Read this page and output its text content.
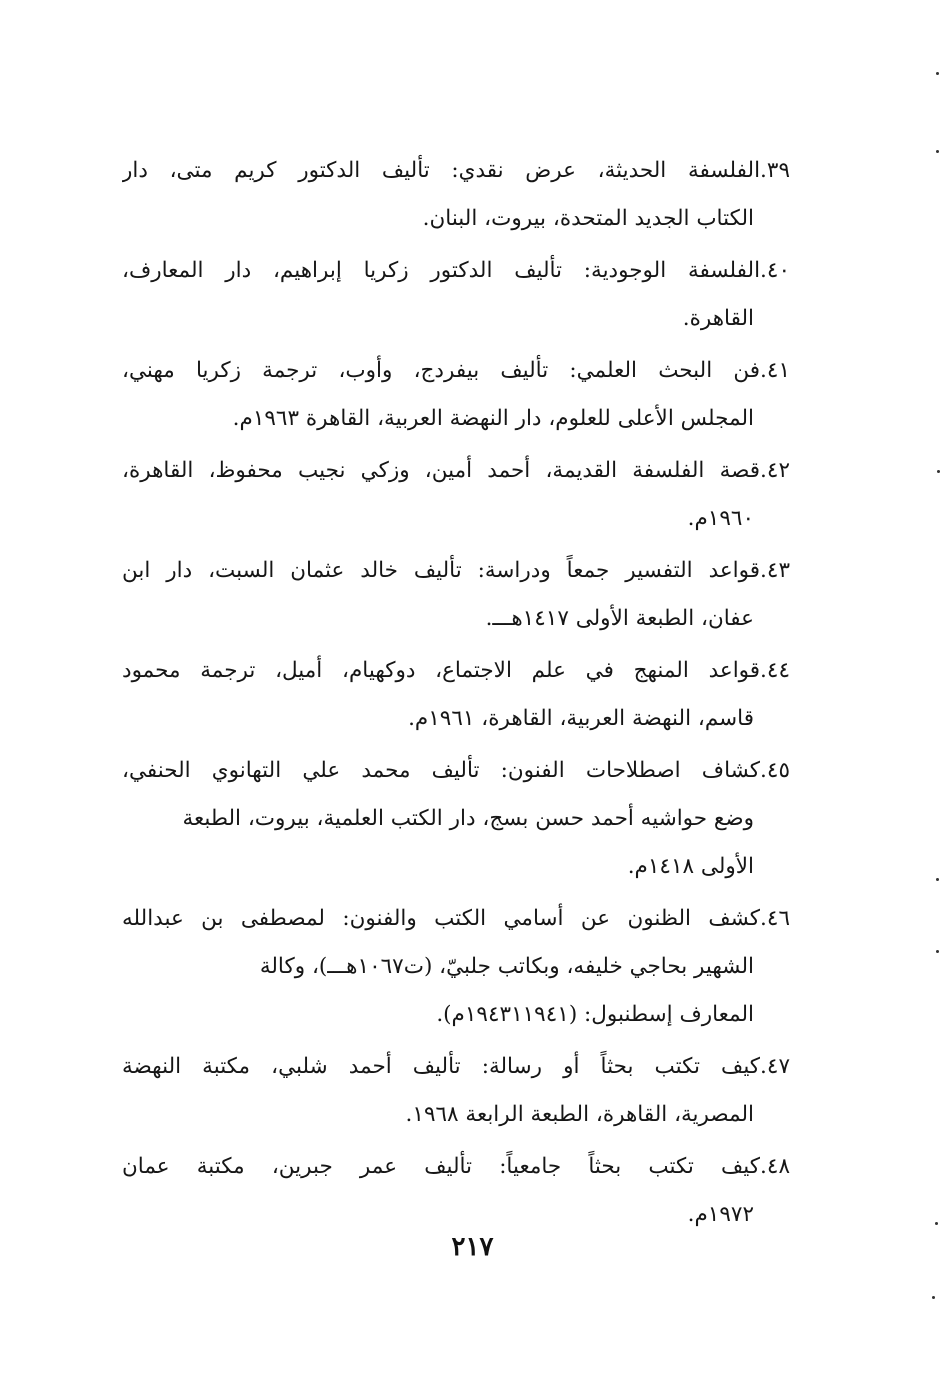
٣٩.الفلسفة الحديثة، عرض نقدي: تأليف الدكتور كريم متى، دار
الكتاب الجديد المتحدة، بيروت، البنان.
٤٠.الفلسفة الوجودية: تأليف الدكتور زكريا إبراهيم، دار المعارف،
القاهرة.
٤١.فن البحث العلمي: تأليف بيفردج، وأوب، ترجمة زكريا مهني،
المجلس الأعلى للعلوم، دار النهضة العربية، القاهرة ١٩٦٣م.
٤٢.قصة الفلسفة القديمة، أحمد أمين، وزكي نجيب محفوظ، القاهرة،
١٩٦٠م.
٤٣.قواعد التفسير جمعاً ودراسة: تأليف خالد عثمان السبت، دار ابن
عفان، الطبعة الأولى ١٤١٧هـــ.
٤٤.قواعد المنهج في علم الاجتماع، دوكهيام، أميل، ترجمة محمود
قاسم، النهضة العربية، القاهرة، ١٩٦١م.
٤٥.كشاف اصطلاحات الفنون: تأليف محمد علي التهانوي الحنفي،
وضع حواشيه أحمد حسن بسج، دار الكتب العلمية، بيروت، الطبعة
الأولى ١٤١٨م.
٤٦.كشف الظنون عن أسامي الكتب والفنون: لمصطفى بن عبدالله
الشهير بحاجي خليفه، وبكاتب جلبيّ، (ت١٠٦٧هـــ)، وكالة
المعارف إسطنبول: (١٩٤٣١١٩٤١م).
٤٧.كيف تكتب بحثاً أو رسالة: تأليف أحمد شلبي، مكتبة النهضة
المصرية، القاهرة، الطبعة الرابعة ١٩٦٨.
٤٨.كيف تكتب بحثاً جامعياً: تأليف عمر جبرين، مكتبة عمان
١٩٧٢م.
٢١٧
